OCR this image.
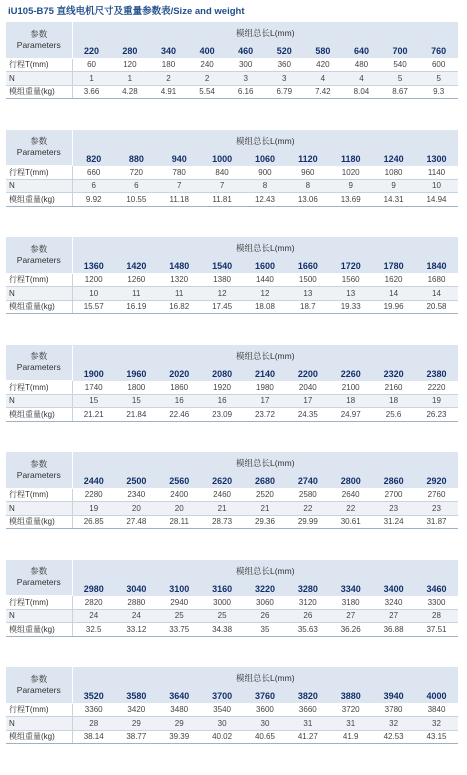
iU105-B75 直线电机尺寸及重量参数表/Size and weight
参数
Parameters	模组总长L(mm)									
	220	280	340	400	460	520	580	640	700	760
行程T(mm)	60	120	180	240	300	360	420	480	540	600
N	1	1	2	2	3	3	4	4	5	5
模组重量(kg)	3.66	4.28	4.91	5.54	6.16	6.79	7.42	8.04	8.67	9.3
参数
Parameters	模组总长L(mm)								
	820	880	940	1000	1060	1120	1180	1240	1300
行程T(mm)	660	720	780	840	900	960	1020	1080	1140
N	6	6	7	7	8	8	9	9	10
模组重量(kg)	9.92	10.55	11.18	11.81	12.43	13.06	13.69	14.31	14.94
参数
Parameters	模组总长L(mm)								
	1360	1420	1480	1540	1600	1660	1720	1780	1840
行程T(mm)	1200	1260	1320	1380	1440	1500	1560	1620	1680
N	10	11	11	12	12	13	13	14	14
模组重量(kg)	15.57	16.19	16.82	17.45	18.08	18.7	19.33	19.96	20.58
参数
Parameters	模组总长L(mm)								
	1900	1960	2020	2080	2140	2200	2260	2320	2380
行程T(mm)	1740	1800	1860	1920	1980	2040	2100	2160	2220
N	15	15	16	16	17	17	18	18	19
模组重量(kg)	21.21	21.84	22.46	23.09	23.72	24.35	24.97	25.6	26.23
参数
Parameters	模组总长L(mm)								
	2440	2500	2560	2620	2680	2740	2800	2860	2920
行程T(mm)	2280	2340	2400	2460	2520	2580	2640	2700	2760
N	19	20	20	21	21	22	22	23	23
模组重量(kg)	26.85	27.48	28.11	28.73	29.36	29.99	30.61	31.24	31.87
参数
Parameters	模组总长L(mm)								
	2980	3040	3100	3160	3220	3280	3340	3400	3460
行程T(mm)	2820	2880	2940	3000	3060	3120	3180	3240	3300
N	24	24	25	25	26	26	27	27	28
模组重量(kg)	32.5	33.12	33.75	34.38	35	35.63	36.26	36.88	37.51
参数
Parameters	模组总长L(mm)								
	3520	3580	3640	3700	3760	3820	3880	3940	4000
行程T(mm)	3360	3420	3480	3540	3600	3660	3720	3780	3840
N	28	29	29	30	30	31	31	32	32
模组重量(kg)	38.14	38.77	39.39	40.02	40.65	41.27	41.9	42.53	43.15
